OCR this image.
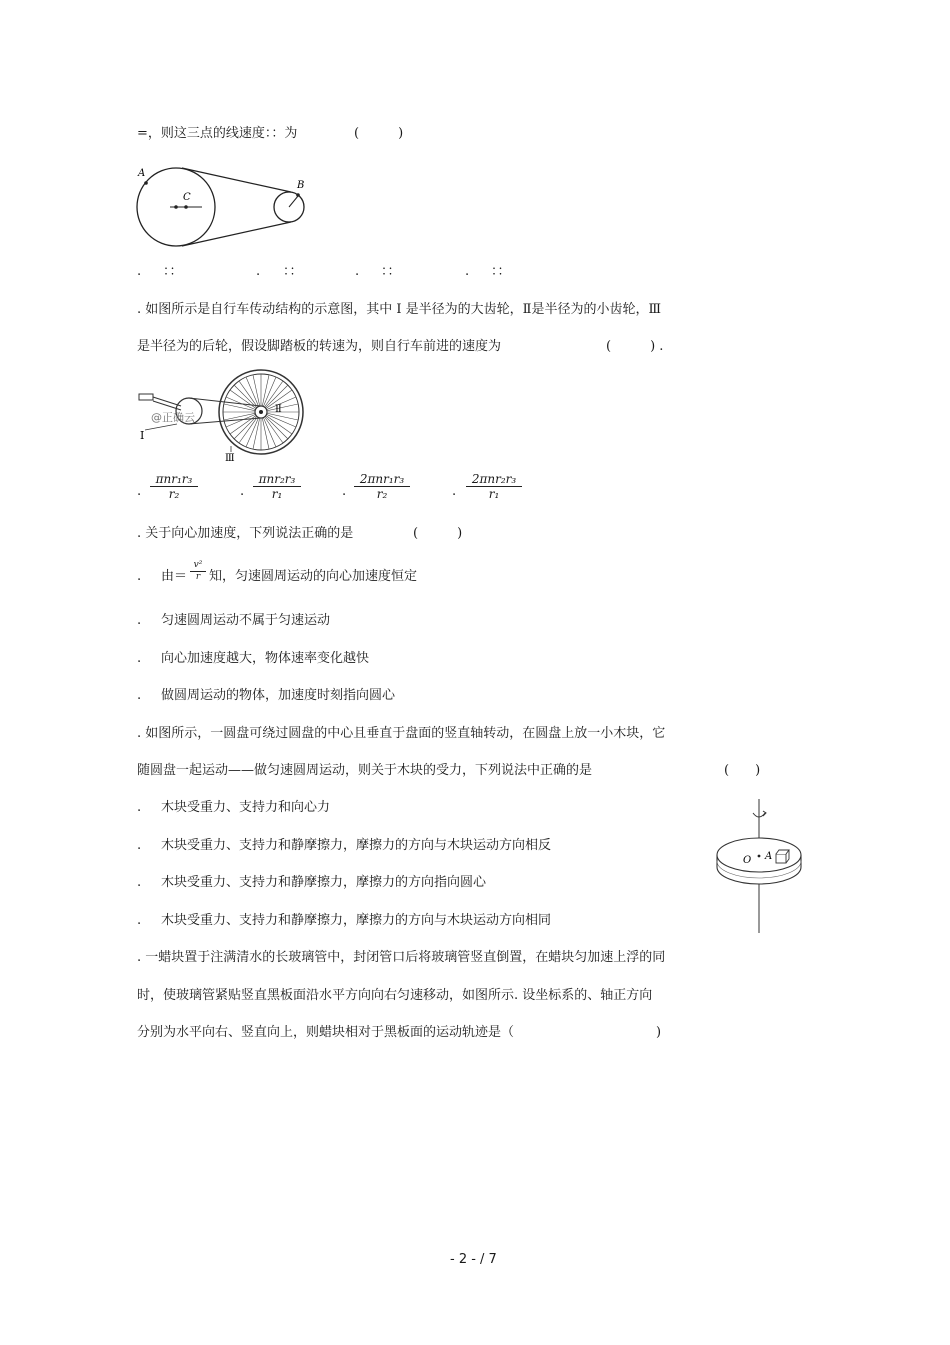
=，则这三点的线速度：：为	(　　　)
A
C
B
. ：：	. ：：	. ：：	. ：：
. 如图所示是自行车传动结构的示意图，其中 I 是半径为的大齿轮，Ⅱ是半径为的小齿轮，Ⅲ
是半径为的后轮，假设脚踏板的转速为，则自行车前进的速度为	(　　　) .
I
Ⅱ
Ⅲ
@正确云
.
πnr₁r₃
r₂	.
πnr₂r₃
r₁	.
2πnr₁r₃
r₂	.
2πnr₂r₃
r₁
. 关于向心加速度，下列说法正确的是	(　　　)
. 由＝ $\frac{\text{v²}}{r}$ 知，匀速圆周运动的向心加速度恒定
. 匀速圆周运动不属于匀速运动
. 向心加速度越大，物体速率变化越快
. 做圆周运动的物体，加速度时刻指向圆心
. 如图所示，一圆盘可绕过圆盘的中心且垂直于盘面的竖直轴转动，在圆盘上放一小木块，它
随圆盘一起运动——做匀速圆周运动，则关于木块的受力，下列说法中正确的是	(　　)
. 木块受重力、支持力和向心力
. 木块受重力、支持力和静摩擦力，摩擦力的方向与木块运动方向相反
. 木块受重力、支持力和静摩擦力，摩擦力的方向指向圆心
. 木块受重力、支持力和静摩擦力，摩擦力的方向与木块运动方向相同
O A
. 一蜡块置于注满清水的长玻璃管中，封闭管口后将玻璃管竖直倒置，在蜡块匀加速上浮的同
时，使玻璃管紧贴竖直黑板面沿水平方向向右匀速移动，如图所示. 设坐标系的、轴正方向
分别为水平向右、竖直向上，则蜡块相对于黑板面的运动轨迹是（	)
- 2 - / 7
